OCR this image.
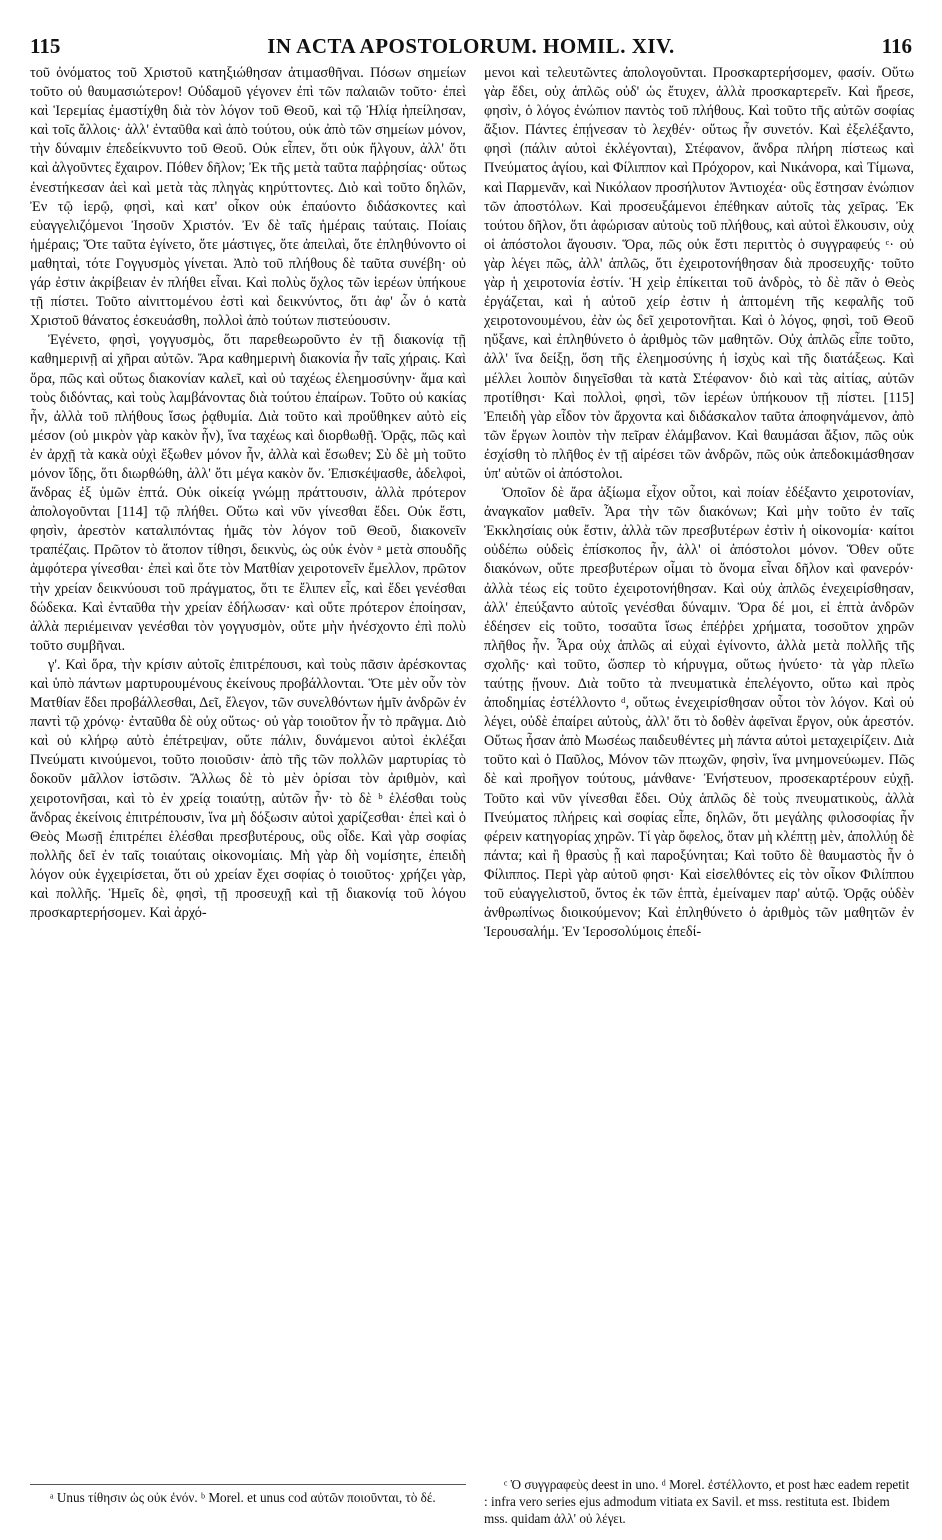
115	IN ACTA APOSTOLORUM. HOMIL. XIV.	116

τοῦ ὀνόματος τοῦ Χριστοῦ κατηξιώθησαν ἀτιμασθῆναι. Πόσων σημείων τοῦτο οὐ θαυμασιώτερον! Οὐδαμοῦ γέγονεν ἐπὶ τῶν παλαιῶν τοῦτο· ἐπεὶ καὶ Ἱερεμίας ἐμαστίχθη διὰ τὸν λόγον τοῦ Θεοῦ, καὶ τῷ Ἠλίᾳ ἠπείλησαν, καὶ τοῖς ἄλλοις· ἀλλ' ἐνταῦθα καὶ ἀπὸ τούτου, οὐκ ἀπὸ τῶν σημείων μόνον, τὴν δύναμιν ἐπεδείκνυντο τοῦ Θεοῦ. Οὐκ εἶπεν, ὅτι οὐκ ἤλγουν, ἀλλ' ὅτι καὶ ἀλγοῦντες ἔχαιρον. Πόθεν δῆλον; Ἐκ τῆς μετὰ ταῦτα παῤῥησίας· οὕτως ἐνεστήκεσαν ἀεὶ καὶ μετὰ τὰς πληγὰς κηρύττοντες. Διὸ καὶ τοῦτο δηλῶν, Ἐν τῷ ἱερῷ, φησὶ, καὶ κατ' οἶκον οὐκ ἐπαύοντο διδάσκοντες καὶ εὐαγγελιζόμενοι Ἰησοῦν Χριστόν. Ἐν δὲ ταῖς ἡμέραις ταύταις. Ποίαις ἡμέραις; Ὅτε ταῦτα ἐγίνετο, ὅτε μάστιγες, ὅτε ἀπειλαὶ, ὅτε ἐπληθύνοντο οἱ μαθηταὶ, τότε Γογγυσμὸς γίνεται. Ἀπὸ τοῦ πλήθους δὲ ταῦτα συνέβη· οὐ γάρ ἐστιν ἀκρίβειαν ἐν πλήθει εἶναι. Καὶ πολὺς ὄχλος τῶν ἱερέων ὑπήκουε τῇ πίστει. Τοῦτο αἰνιττομένου ἐστὶ καὶ δεικνύντος, ὅτι ἀφ' ὧν ὁ κατὰ Χριστοῦ θάνατος ἐσκευάσθη, πολλοὶ ἀπὸ τούτων πιστεύουσιν.

Ἐγένετο, φησὶ, γογγυσμὸς, ὅτι παρεθεωροῦντο ἐν τῇ διακονίᾳ τῇ καθημερινῇ αἱ χῆραι αὐτῶν. Ἄρα καθημερινὴ διακονία ἦν ταῖς χήραις. Καὶ ὅρα, πῶς καὶ οὕτως διακονίαν καλεῖ, καὶ οὐ ταχέως ἐλεημοσύνην· ἅμα καὶ τοὺς διδόντας, καὶ τοὺς λαμβάνοντας διὰ τούτου ἐπαίρων. Τοῦτο οὐ κακίας ἦν, ἀλλὰ τοῦ πλήθους ἴσως ῥᾳθυμία. Διὰ τοῦτο καὶ προὔθηκεν αὐτὸ εἰς μέσον (οὐ μικρὸν γὰρ κακὸν ἦν), ἵνα ταχέως καὶ διορθωθῇ. Ὁρᾷς, πῶς καὶ ἐν ἀρχῇ τὰ κακὰ οὐχὶ ἔξωθεν μόνον ἦν, ἀλλὰ καὶ ἔσωθεν; Σὺ δὲ μὴ τοῦτο μόνον ἴδῃς, ὅτι διωρθώθη, ἀλλ' ὅτι μέγα κακὸν ὄν. Ἐπισκέψασθε, ἀδελφοὶ, ἄνδρας ἐξ ὑμῶν ἑπτά. Οὐκ οἰκείᾳ γνώμῃ πράττουσιν, ἀλλὰ πρότερον ἀπολογοῦνται [114] τῷ πλήθει. Οὕτω καὶ νῦν γίνεσθαι ἔδει. Οὐκ ἔστι, φησὶν, ἀρεστὸν καταλιπόντας ἡμᾶς τὸν λόγον τοῦ Θεοῦ, διακονεῖν τραπέζαις. Πρῶτον τὸ ἄτοπον τίθησι, δεικνὺς, ὡς οὐκ ἐνὸν ᵃ μετὰ σπουδῆς ἀμφότερα γίνεσθαι· ἐπεὶ καὶ ὅτε τὸν Ματθίαν χειροτονεῖν ἔμελλον, πρῶτον τὴν χρείαν δεικνύουσι τοῦ πράγματος, ὅτι τε ἔλιπεν εἷς, καὶ ἔδει γενέσθαι δώδεκα. Καὶ ἐνταῦθα τὴν χρείαν ἐδήλωσαν· καὶ οὔτε πρότερον ἐποίησαν, ἀλλὰ περιέμειναν γενέσθαι τὸν γογγυσμὸν, οὔτε μὴν ἠνέσχοντο ἐπὶ πολὺ τοῦτο συμβῆναι.

γ'. Καὶ ὅρα, τὴν κρίσιν αὐτοῖς ἐπιτρέπουσι, καὶ τοὺς πᾶσιν ἀρέσκοντας καὶ ὑπὸ πάντων μαρτυρουμένους ἐκείνους προβάλλονται. Ὅτε μὲν οὖν τὸν Ματθίαν ἔδει προβάλλεσθαι, Δεῖ, ἔλεγον, τῶν συνελθόντων ἡμῖν ἀνδρῶν ἐν παντὶ τῷ χρόνῳ· ἐνταῦθα δὲ οὐχ οὕτως· οὐ γὰρ τοιοῦτον ἦν τὸ πρᾶγμα. Διὸ καὶ οὐ κλήρῳ αὐτὸ ἐπέτρεψαν, οὔτε πάλιν, δυνάμενοι αὐτοὶ ἐκλέξαι Πνεύματι κινούμενοι, τοῦτο ποιοῦσιν· ἀπὸ τῆς τῶν πολλῶν μαρτυρίας τὸ δοκοῦν μᾶλλον ἱστῶσιν. Ἄλλως δὲ τὸ μὲν ὁρίσαι τὸν ἀριθμὸν, καὶ χειροτονῆσαι, καὶ τὸ ἐν χρείᾳ τοιαύτῃ, αὐτῶν ἦν· τὸ δὲ ᵇ ἑλέσθαι τοὺς ἄνδρας ἐκείνοις ἐπιτρέπουσιν, ἵνα μὴ δόξωσιν αὐτοὶ χαρίζεσθαι· ἐπεὶ καὶ ὁ Θεὸς Μωσῇ ἐπιτρέπει ἑλέσθαι πρεσβυτέρους, οὓς οἶδε. Καὶ γὰρ σοφίας πολλῆς δεῖ ἐν ταῖς τοιαύταις οἰκονομίαις. Μὴ γὰρ δὴ νομίσητε, ἐπειδὴ λόγον οὐκ ἐγχειρίσεται, ὅτι οὐ χρείαν ἔχει σοφίας ὁ τοιοῦτος· χρήζει γὰρ, καὶ πολλῆς. Ἡμεῖς δὲ, φησὶ, τῇ προσευχῇ καὶ τῇ διακονίᾳ τοῦ λόγου προσκαρτερήσομεν. Καὶ ἀρχό-

μενοι καὶ τελευτῶντες ἀπολογοῦνται. Προσκαρτερήσομεν, φασίν. Οὕτω γὰρ ἔδει, οὐχ ἁπλῶς οὐδ' ὡς ἔτυχεν, ἀλλὰ προσκαρτερεῖν. Καὶ ἤρεσε, φησὶν, ὁ λόγος ἐνώπιον παντὸς τοῦ πλήθους. Καὶ τοῦτο τῆς αὐτῶν σοφίας ἄξιον. Πάντες ἐπῄνεσαν τὸ λεχθέν· οὕτως ἦν συνετόν. Καὶ ἐξελέξαντο, φησὶ (πάλιν αὐτοὶ ἐκλέγονται), Στέφανον, ἄνδρα πλήρη πίστεως καὶ Πνεύματος ἁγίου, καὶ Φίλιππον καὶ Πρόχορον, καὶ Νικάνορα, καὶ Τίμωνα, καὶ Παρμενᾶν, καὶ Νικόλαον προσήλυτον Ἀντιοχέα· οὓς ἔστησαν ἐνώπιον τῶν ἀποστόλων. Καὶ προσευξάμενοι ἐπέθηκαν αὐτοῖς τὰς χεῖρας. Ἐκ τούτου δῆλον, ὅτι ἀφώρισαν αὐτοὺς τοῦ πλήθους, καὶ αὐτοὶ ἕλκουσιν, οὐχ οἱ ἀπόστολοι ἄγουσιν. Ὅρα, πῶς οὐκ ἔστι περιττὸς ὁ συγγραφεύς ᶜ· οὐ γὰρ λέγει πῶς, ἀλλ' ἁπλῶς, ὅτι ἐχειροτονήθησαν διὰ προσευχῆς· τοῦτο γὰρ ἡ χειροτονία ἐστίν. Ἡ χεὶρ ἐπίκειται τοῦ ἀνδρὸς, τὸ δὲ πᾶν ὁ Θεὸς ἐργάζεται, καὶ ἡ αὐτοῦ χείρ ἐστιν ἡ ἁπτομένη τῆς κεφαλῆς τοῦ χειροτονουμένου, ἐὰν ὡς δεῖ χειροτονῆται. Καὶ ὁ λόγος, φησὶ, τοῦ Θεοῦ ηὔξανε, καὶ ἐπληθύνετο ὁ ἀριθμὸς τῶν μαθητῶν. Οὐχ ἁπλῶς εἶπε τοῦτο, ἀλλ' ἵνα δείξῃ, ὅση τῆς ἐλεημοσύνης ἡ ἰσχὺς καὶ τῆς διατάξεως. Καὶ μέλλει λοιπὸν διηγεῖσθαι τὰ κατὰ Στέφανον· διὸ καὶ τὰς αἰτίας, αὐτῶν προτίθησι· Καὶ πολλοὶ, φησὶ, τῶν ἱερέων ὑπήκουον τῇ πίστει. [115] Ἐπειδὴ γὰρ εἶδον τὸν ἄρχοντα καὶ διδάσκαλον ταῦτα ἀποφηνάμενον, ἀπὸ τῶν ἔργων λοιπὸν τὴν πεῖραν ἐλάμβανον. Καὶ θαυμάσαι ἄξιον, πῶς οὐκ ἐσχίσθη τὸ πλῆθος ἐν τῇ αἱρέσει τῶν ἀνδρῶν, πῶς οὐκ ἀπεδοκιμάσθησαν ὑπ' αὐτῶν οἱ ἀπόστολοι.

Ὁποῖον δὲ ἄρα ἀξίωμα εἶχον οὗτοι, καὶ ποίαν ἐδέξαντο χειροτονίαν, ἀναγκαῖον μαθεῖν. Ἆρα τὴν τῶν διακόνων; Καὶ μὴν τοῦτο ἐν ταῖς Ἐκκλησίαις οὐκ ἔστιν, ἀλλὰ τῶν πρεσβυτέρων ἐστὶν ἡ οἰκονομία· καίτοι οὐδέπω οὐδεὶς ἐπίσκοπος ἦν, ἀλλ' οἱ ἀπόστολοι μόνον. Ὅθεν οὔτε διακόνων, οὔτε πρεσβυτέρων οἶμαι τὸ ὄνομα εἶναι δῆλον καὶ φανερόν· ἀλλὰ τέως εἰς τοῦτο ἐχειροτονήθησαν. Καὶ οὐχ ἁπλῶς ἐνεχειρίσθησαν, ἀλλ' ἐπεύξαντο αὐτοῖς γενέσθαι δύναμιν. Ὅρα δέ μοι, εἰ ἑπτὰ ἀνδρῶν ἐδέησεν εἰς τοῦτο, τοσαῦτα ἴσως ἐπέῤῥει χρήματα, τοσοῦτον χηρῶν πλῆθος ἦν. Ἆρα οὐχ ἁπλῶς αἱ εὐχαὶ ἐγίνοντο, ἀλλὰ μετὰ πολλῆς τῆς σχολῆς· καὶ τοῦτο, ὥσπερ τὸ κήρυγμα, οὕτως ἠνύετο· τὰ γὰρ πλεῖω ταύτῃς ᾔνουν. Διὰ τοῦτο τὰ πνευματικὰ ἐπελέγοντο, οὕτω καὶ πρὸς ἀποδημίας ἐστέλλοντο ᵈ, οὕτως ἐνεχειρίσθησαν οὗτοι τὸν λόγον. Καὶ οὐ λέγει, οὐδὲ ἐπαίρει αὐτοὺς, ἀλλ' ὅτι τὸ δοθὲν ἀφεῖναι ἔργον, οὐκ ἀρεστόν. Οὕτως ἦσαν ἀπὸ Μωσέως παιδευθέντες μὴ πάντα αὐτοὶ μεταχειρίζειν. Διὰ τοῦτο καὶ ὁ Παῦλος, Μόνον τῶν πτωχῶν, φησὶν, ἵνα μνημονεύωμεν. Πῶς δὲ καὶ προῆγον τούτους, μάνθανε· Ἐνήστευον, προσεκαρτέρουν εὐχῇ. Τοῦτο καὶ νῦν γίνεσθαι ἔδει. Οὐχ ἁπλῶς δὲ τοὺς πνευματικοὺς, ἀλλὰ Πνεύματος πλήρεις καὶ σοφίας εἶπε, δηλῶν, ὅτι μεγάλης φιλοσοφίας ἦν φέρειν κατηγορίας χηρῶν. Τί γὰρ ὄφελος, ὅταν μὴ κλέπτῃ μὲν, ἀπολλύῃ δὲ πάντα; καὶ ἢ θρασὺς ᾖ καὶ παροξύνηται; Καὶ τοῦτο δὲ θαυμαστὸς ἦν ὁ Φίλιππος. Περὶ γὰρ αὐτοῦ φησι· Καὶ εἰσελθόντες εἰς τὸν οἶκον Φιλίππου τοῦ εὐαγγελιστοῦ, ὄντος ἐκ τῶν ἑπτὰ, ἐμείναμεν παρ' αὐτῷ. Ὁρᾷς οὐδὲν ἀνθρωπίνως διοικούμενον; Καὶ ἐπληθύνετο ὁ ἀριθμὸς τῶν μαθητῶν ἐν Ἱερουσαλήμ. Ἐν Ἱεροσολύμοις ἐπεδί-

ᵃ Unus τίθησιν ὡς οὐκ ἐνόν. ᵇ Morel. et unus cod αὐτῶν ποιοῦνται, τὸ δέ.

ᶜ Ὁ συγγραφεὺς deest in uno. ᵈ Morel. ἐστέλλοντο, et post hæc eadem repetit : infra vero series ejus admodum vitiata ex Savil. et mss. restituta est. Ibidem mss. quidam ἀλλ' οὐ λέγει.
